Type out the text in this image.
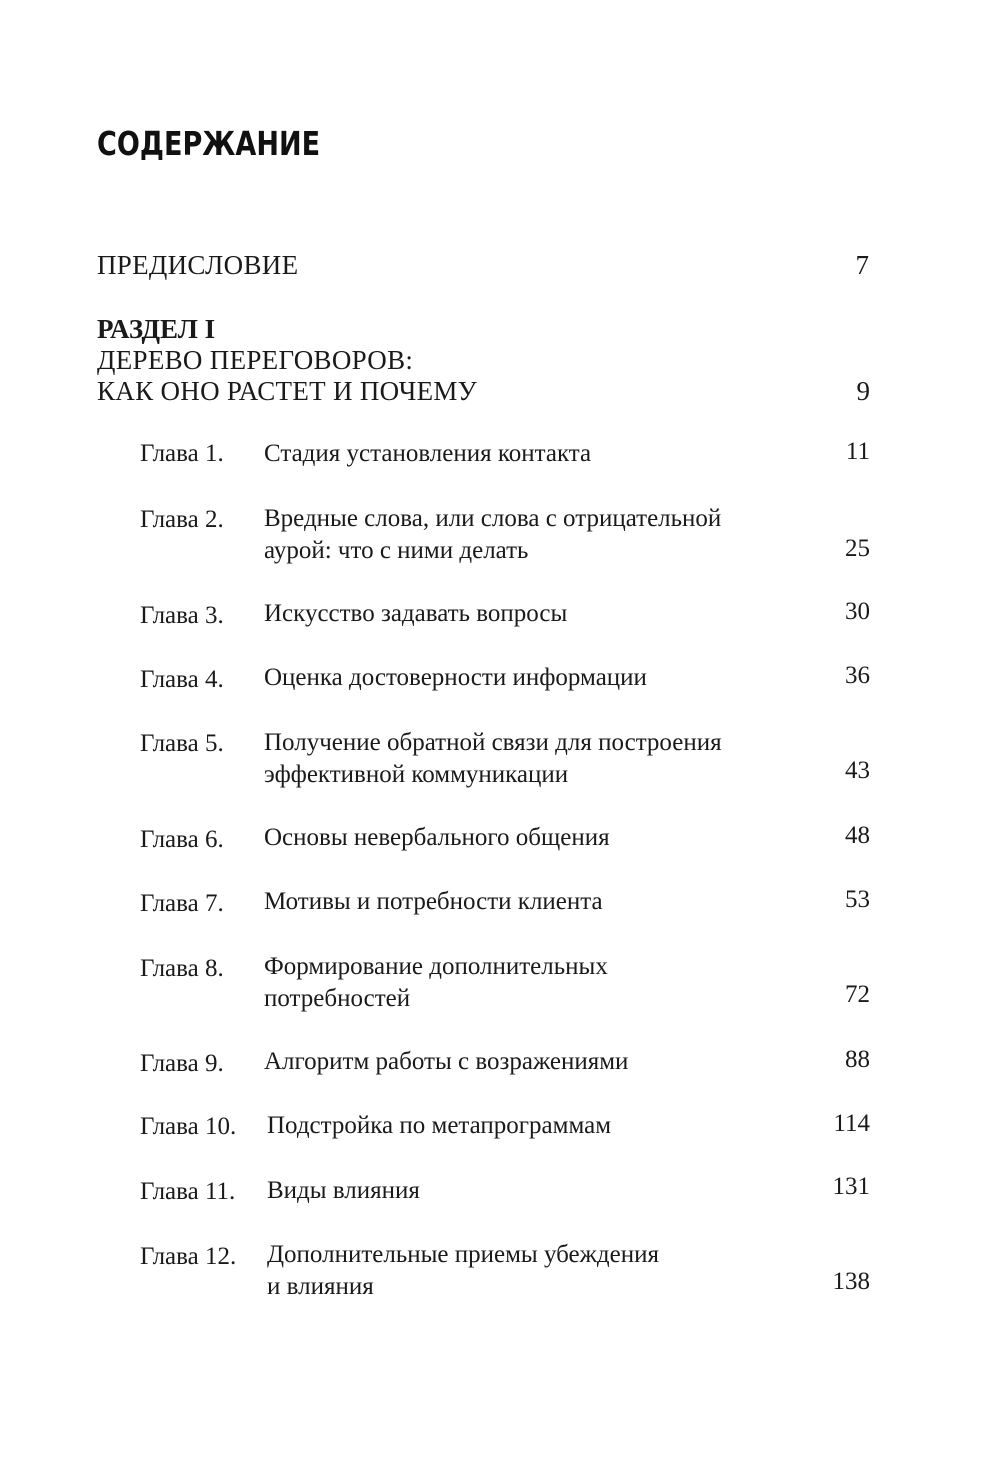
СОДЕРЖАНИЕ
ПРЕДИСЛОВИЕ	7
РАЗДЕЛ I
ДЕРЕВО ПЕРЕГОВОРОВ:
КАК ОНО РАСТЕТ И ПОЧЕМУ	9
Глава 1. Стадия установления контакта	11
Глава 2. Вредные слова, или слова с отрицательной
аурой: что с ними делать	25
Глава 3. Искусство задавать вопросы	30
Глава 4. Оценка достоверности информации	36
Глава 5. Получение обратной связи для построения
эффективной коммуникации	43
Глава 6. Основы невербального общения	48
Глава 7. Мотивы и потребности клиента	53
Глава 8. Формирование дополнительных
потребностей	72
Глава 9. Алгоритм работы с возражениями	88
Глава 10. Подстройка по метапрограммам	114
Глава 11. Виды влияния	131
Глава 12. Дополнительные приемы убеждения
и влияния	138
